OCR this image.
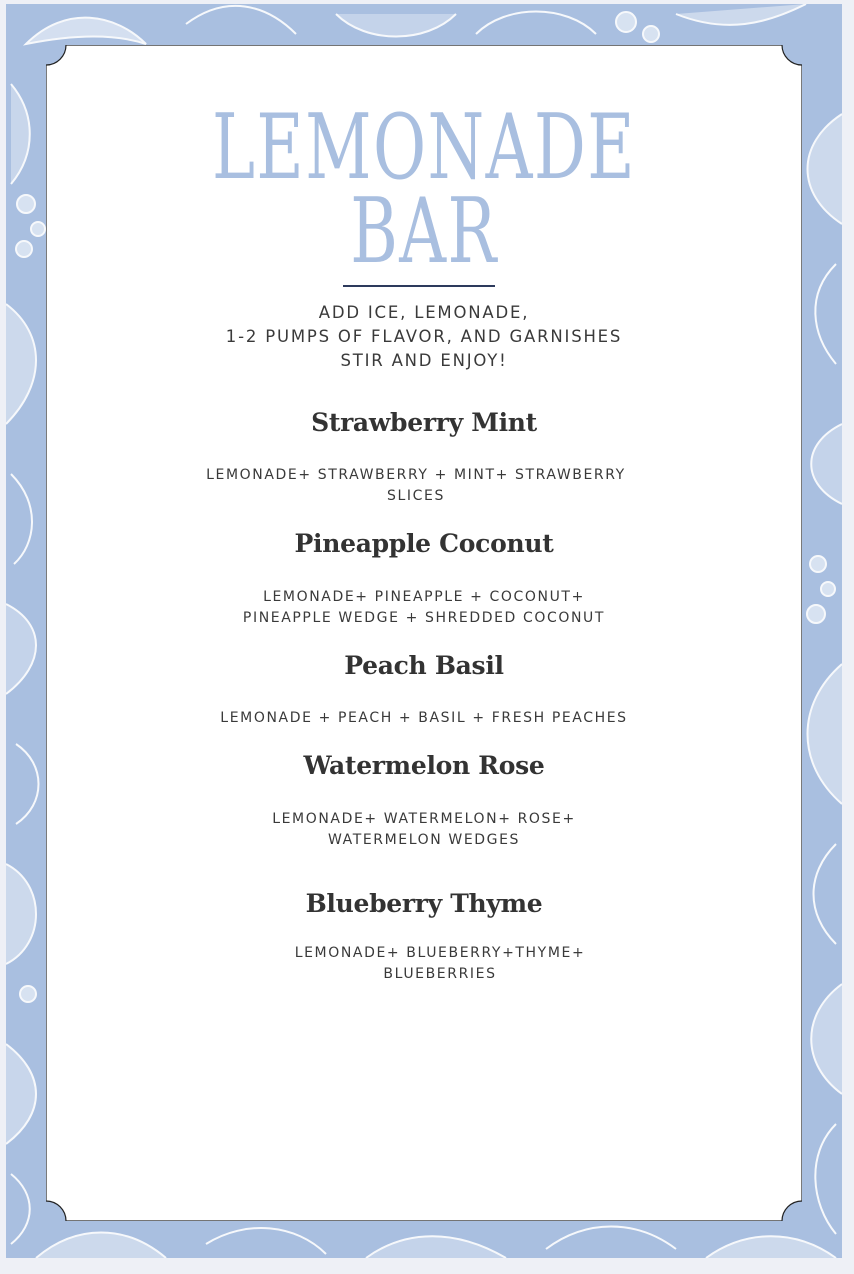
LEMONADE
BAR
ADD ICE, LEMONADE,
1-2 PUMPS OF FLAVOR, AND GARNISHES
STIR AND ENJOY!
Strawberry Mint
LEMONADE+ STRAWBERRY + MINT+ STRAWBERRY
SLICES
Pineapple Coconut
LEMONADE+ PINEAPPLE + COCONUT+
PINEAPPLE WEDGE + SHREDDED COCONUT
Peach Basil
LEMONADE + PEACH + BASIL + FRESH PEACHES
Watermelon Rose
LEMONADE+ WATERMELON+ ROSE+
WATERMELON WEDGES
Blueberry Thyme
LEMONADE+ BLUEBERRY+THYME+
BLUEBERRIES
